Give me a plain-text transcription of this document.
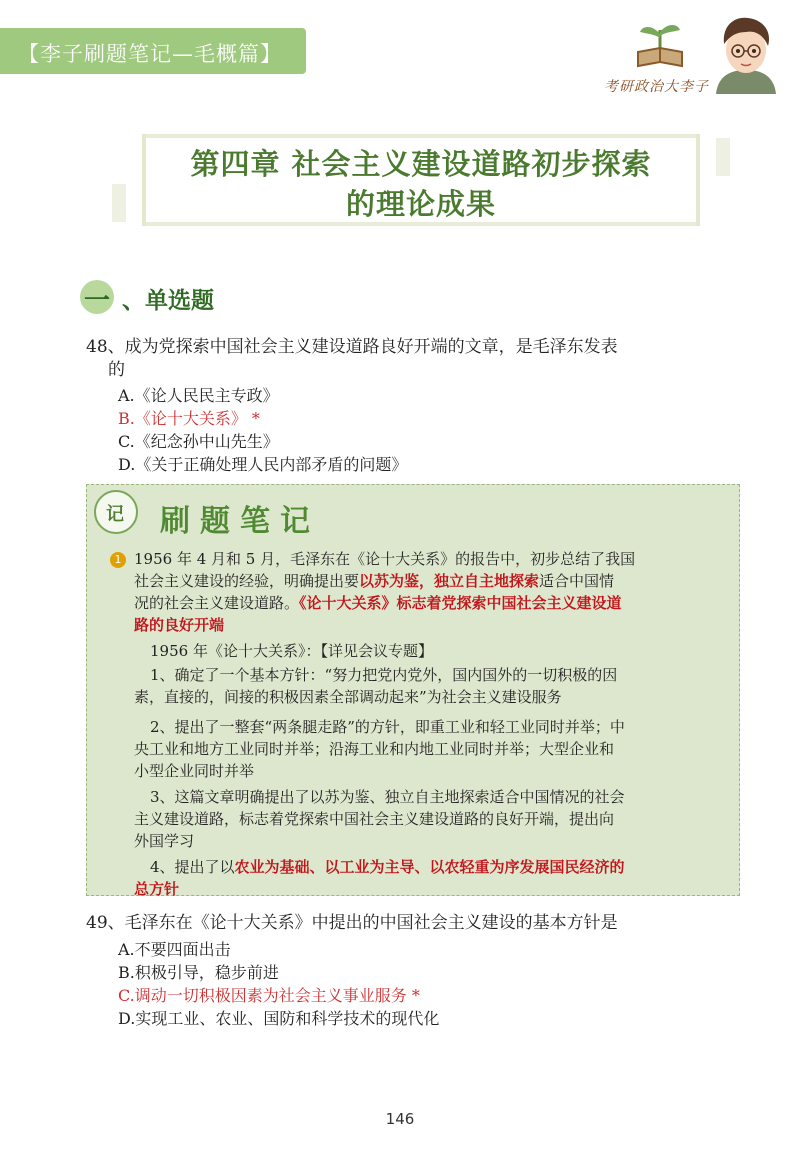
【李子刷题笔记—毛概篇】
考研政治大李子
第四章 社会主义建设道路初步探索
的理论成果
一 、单选题
48、成为党探索中国社会主义建设道路良好开端的文章，是毛泽东发表
的
A.《论人民民主专政》
B.《论十大关系》 *
C.《纪念孙中山先生》
D.《关于正确处理人民内部矛盾的问题》
记 刷题笔记
1 1956 年 4 月和 5 月，毛泽东在《论十大关系》的报告中，初步总结了我国
社会主义建设的经验，明确提出要以苏为鉴，独立自主地探索适合中国情
况的社会主义建设道路。《论十大关系》标志着党探索中国社会主义建设道
路的良好开端
1956 年《论十大关系》：【详见会议专题】
1、确定了一个基本方针：“努力把党内党外，国内国外的一切积极的因
素，直接的，间接的积极因素全部调动起来”为社会主义建设服务
2、提出了一整套“两条腿走路”的方针，即重工业和轻工业同时并举；中
央工业和地方工业同时并举；沿海工业和内地工业同时并举；大型企业和
小型企业同时并举
3、这篇文章明确提出了以苏为鉴、独立自主地探索适合中国情况的社会
主义建设道路，标志着党探索中国社会主义建设道路的良好开端，提出向
外国学习
4、提出了以农业为基础、以工业为主导、以农轻重为序发展国民经济的
总方针
49、毛泽东在《论十大关系》中提出的中国社会主义建设的基本方针是
A.不要四面出击
B.积极引导，稳步前进
C.调动一切积极因素为社会主义事业服务 *
D.实现工业、农业、国防和科学技术的现代化
146
